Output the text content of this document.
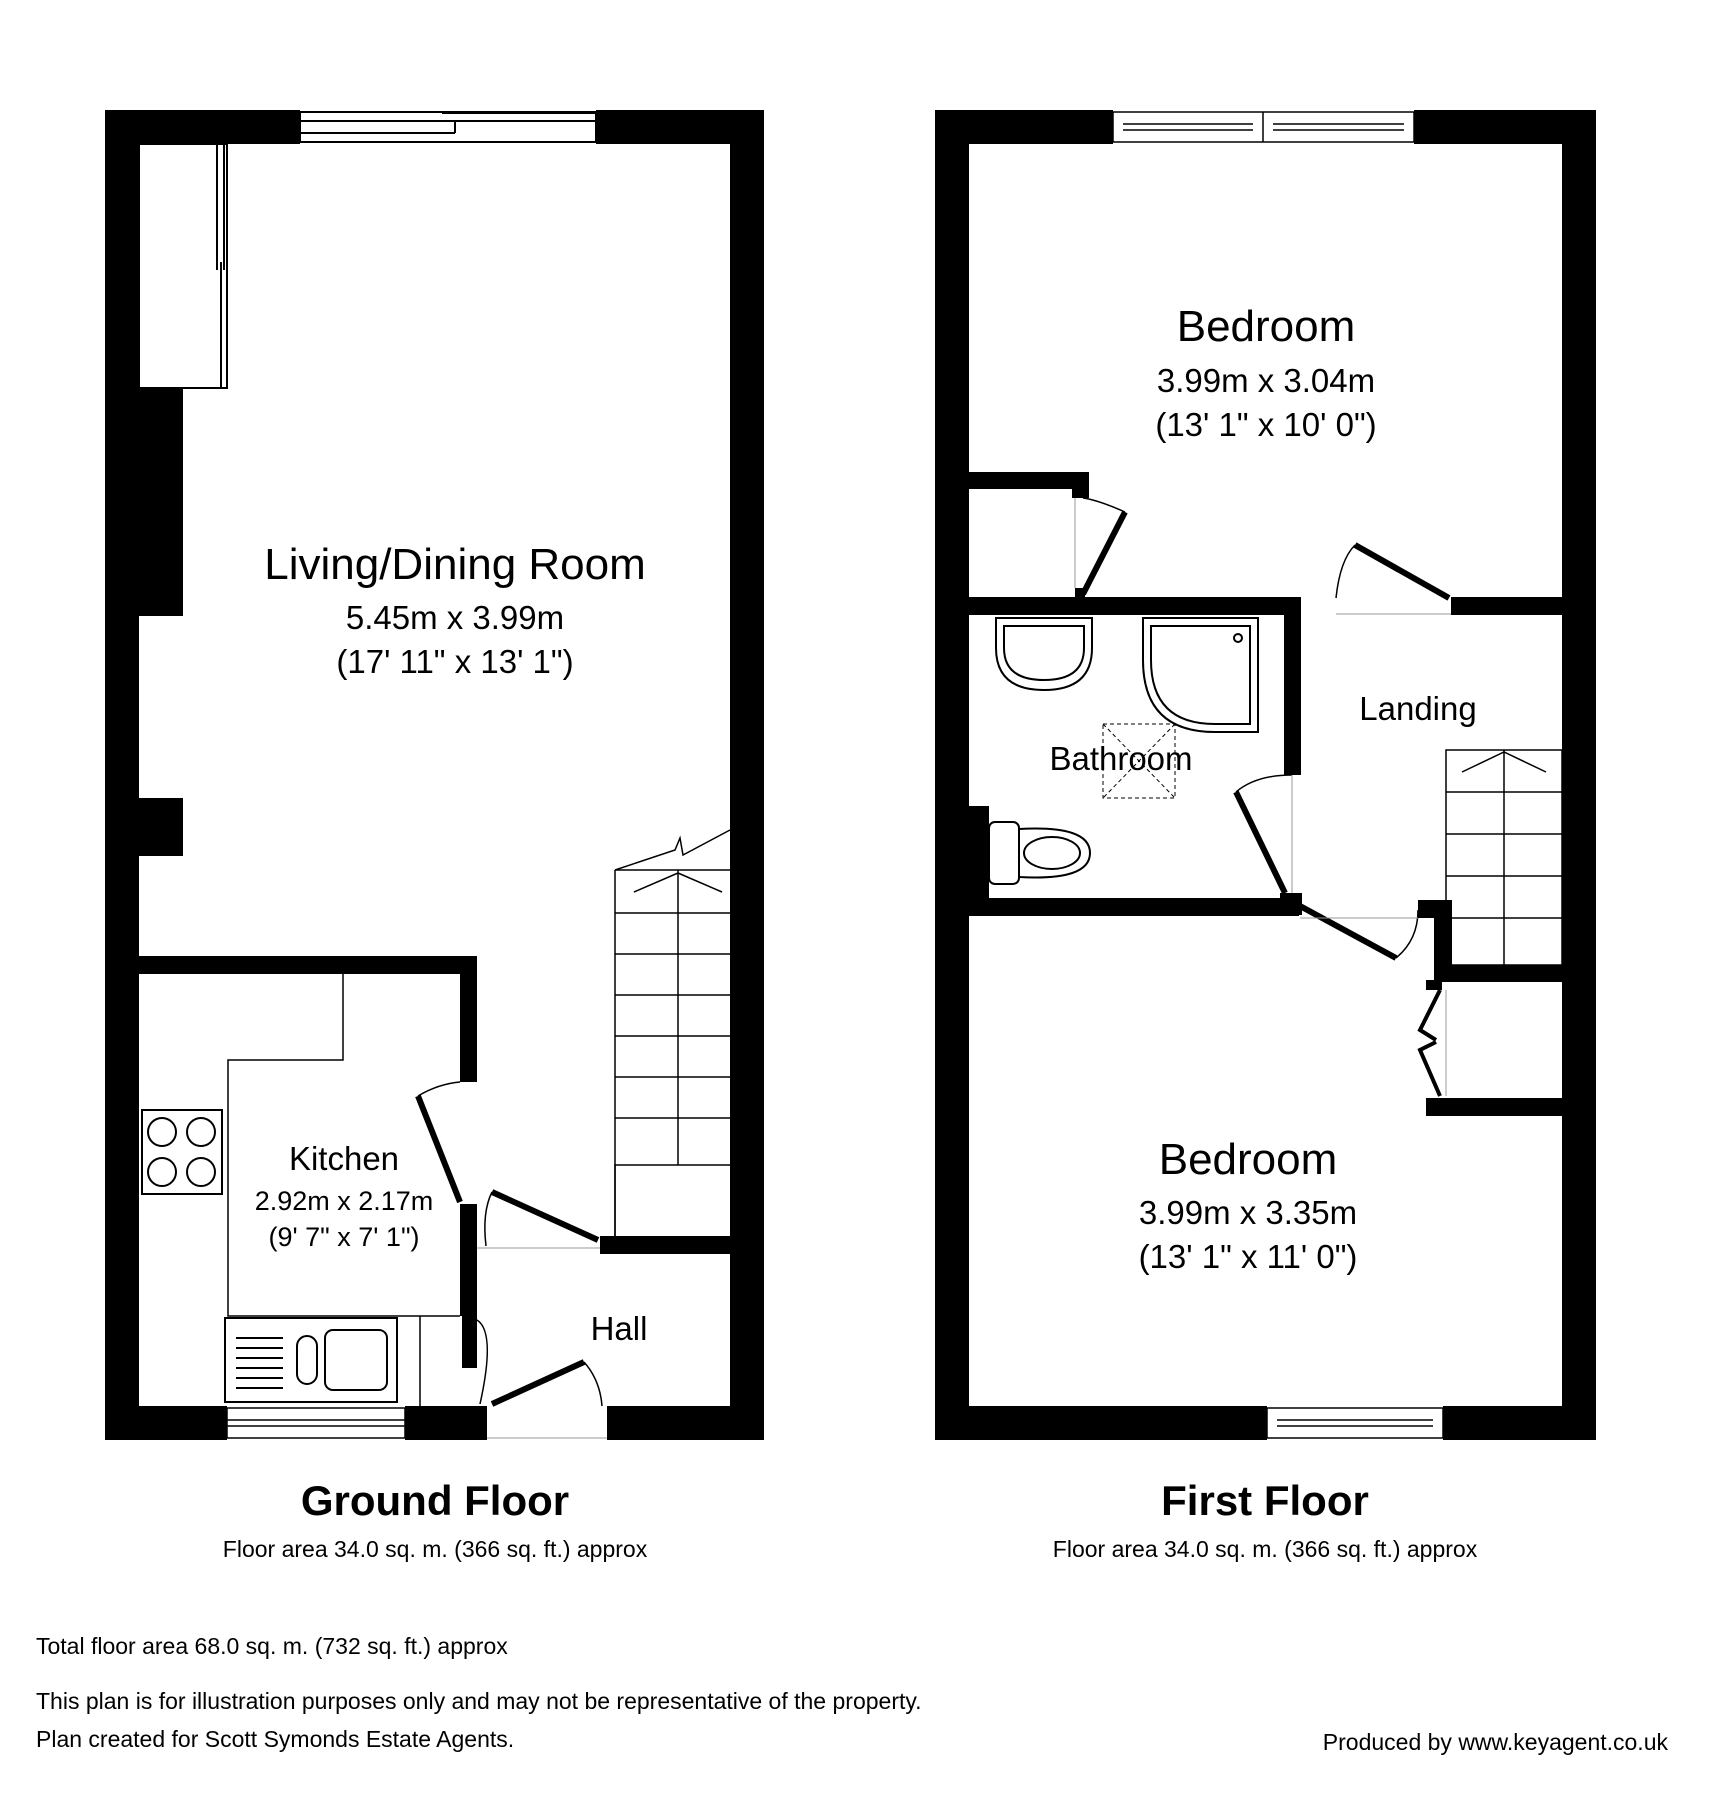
Living/Dining Room
5.45m x 3.99m
(17' 11" x 13' 1")
Kitchen
2.92m x 2.17m
(9' 7" x 7' 1")
Hall
Bedroom
3.99m x 3.04m
(13' 1" x 10' 0")
Bathroom
Landing
Bedroom
3.99m x 3.35m
(13' 1" x 11' 0")
Ground Floor
Floor area 34.0 sq. m. (366 sq. ft.) approx
First Floor
Floor area 34.0 sq. m. (366 sq. ft.) approx
Total floor area 68.0 sq. m. (732 sq. ft.) approx
This plan is for illustration purposes only and may not be representative of the property.
Plan created for Scott Symonds Estate Agents.	Produced by www.keyagent.co.uk
